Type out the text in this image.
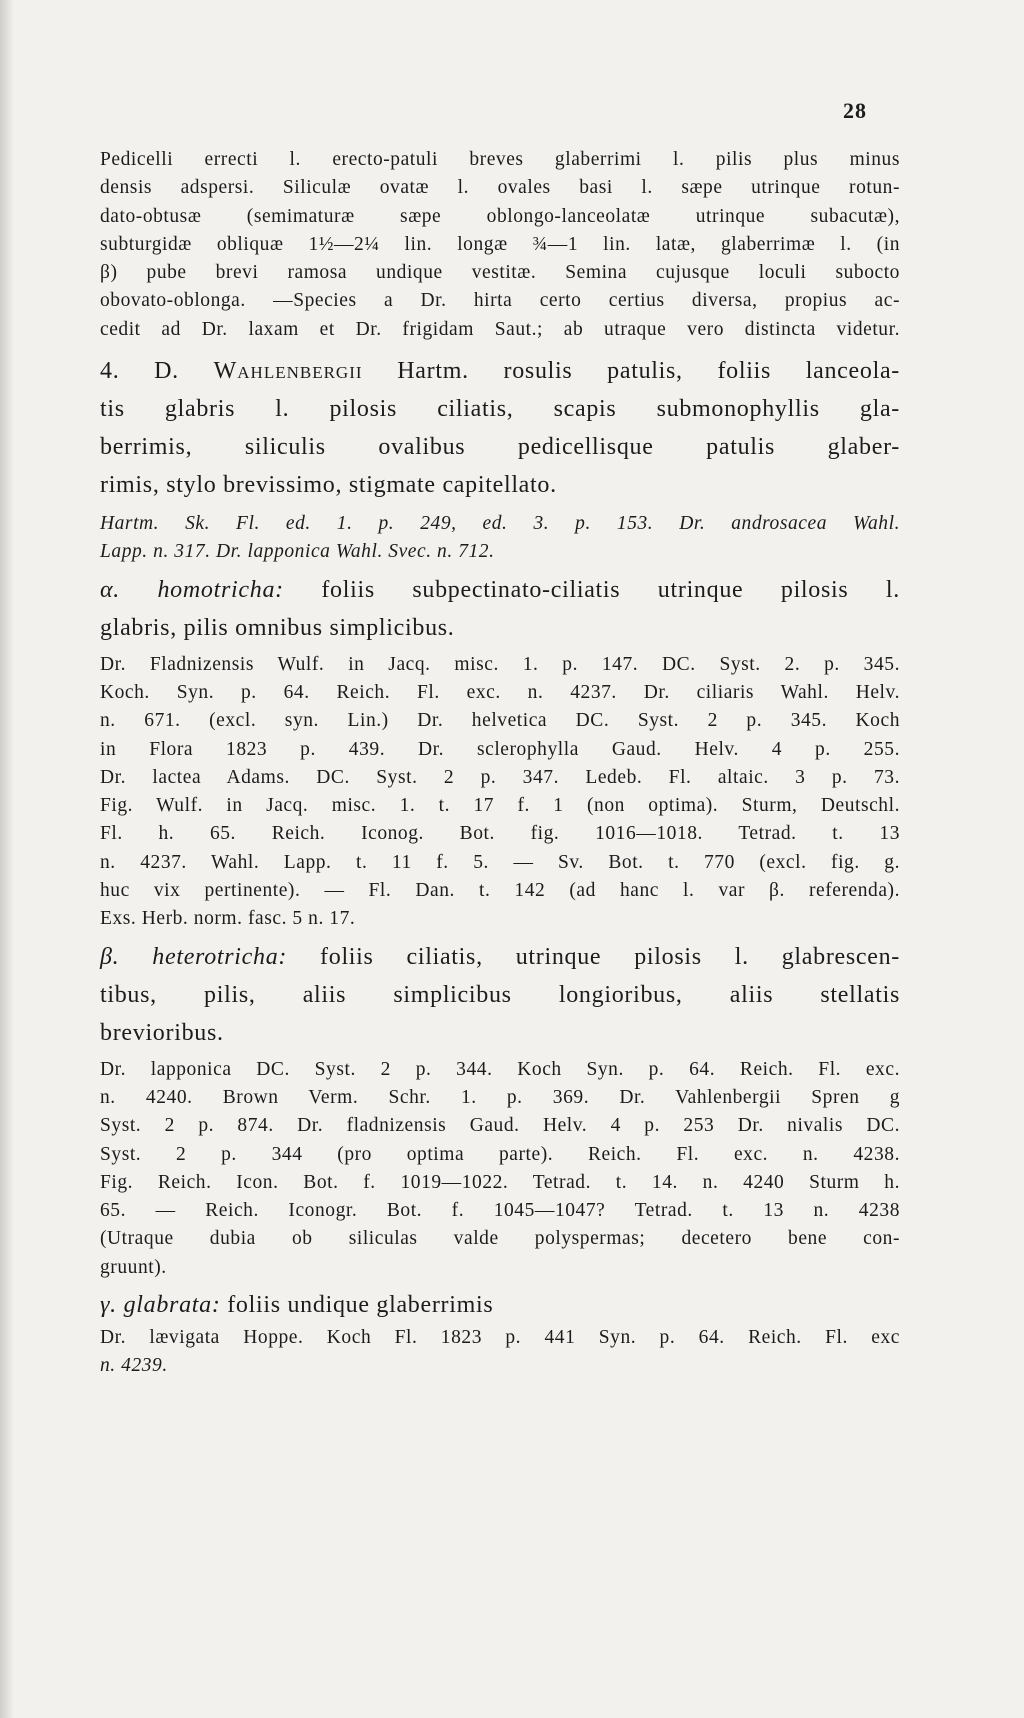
28
Pedicelli errecti l. erecto-patuli breves glaberrimi l. pilis plus minus
densis adspersi. Siliculæ ovatæ l. ovales basi l. sæpe utrinque rotun-
dato-obtusæ (semimaturæ sæpe oblongo-lanceolatæ utrinque subacutæ),
subturgidæ obliquæ 1½—2¼ lin. longæ ¾—1 lin. latæ, glaberrimæ l. (in
β) pube brevi ramosa undique vestitæ. Semina cujusque loculi subocto
obovato-oblonga. —Species a Dr. hirta certo certius diversa, propius ac-
cedit ad Dr. laxam et Dr. frigidam Saut.; ab utraque vero distincta videtur.
4. D. Wahlenbergii Hartm. rosulis patulis, foliis lanceola-
tis glabris l. pilosis ciliatis, scapis submonophyllis gla-
berrimis, siliculis ovalibus pedicellisque patulis glaber-
rimis, stylo brevissimo, stigmate capitellato.
Hartm. Sk. Fl. ed. 1. p. 249, ed. 3. p. 153. Dr. androsacea Wahl.
Lapp. n. 317. Dr. lapponica Wahl. Svec. n. 712.
α. homotricha: foliis subpectinato-ciliatis utrinque pilosis l.
glabris, pilis omnibus simplicibus.
Dr. Fladnizensis Wulf. in Jacq. misc. 1. p. 147. DC. Syst. 2. p. 345.
Koch. Syn. p. 64. Reich. Fl. exc. n. 4237. Dr. ciliaris Wahl. Helv.
n. 671. (excl. syn. Lin.) Dr. helvetica DC. Syst. 2 p. 345. Koch
in Flora 1823 p. 439. Dr. sclerophylla Gaud. Helv. 4 p. 255.
Dr. lactea Adams. DC. Syst. 2 p. 347. Ledeb. Fl. altaic. 3 p. 73.
Fig. Wulf. in Jacq. misc. 1. t. 17 f. 1 (non optima). Sturm, Deutschl.
Fl. h. 65. Reich. Iconog. Bot. fig. 1016—1018. Tetrad. t. 13
n. 4237. Wahl. Lapp. t. 11 f. 5. — Sv. Bot. t. 770 (excl. fig. g.
huc vix pertinente). — Fl. Dan. t. 142 (ad hanc l. var β. referenda).
Exs. Herb. norm. fasc. 5 n. 17.
β. heterotricha: foliis ciliatis, utrinque pilosis l. glabrescen-
tibus, pilis, aliis simplicibus longioribus, aliis stellatis
brevioribus.
Dr. lapponica DC. Syst. 2 p. 344. Koch Syn. p. 64. Reich. Fl. exc.
n. 4240. Brown Verm. Schr. 1. p. 369. Dr. Vahlenbergii Spren g
Syst. 2 p. 874. Dr. fladnizensis Gaud. Helv. 4 p. 253 Dr. nivalis DC.
Syst. 2 p. 344 (pro optima parte). Reich. Fl. exc. n. 4238.
Fig. Reich. Icon. Bot. f. 1019—1022. Tetrad. t. 14. n. 4240 Sturm h.
65. — Reich. Iconogr. Bot. f. 1045—1047? Tetrad. t. 13 n. 4238
(Utraque dubia ob siliculas valde polyspermas; decetero bene con-
gruunt).
γ. glabrata: foliis undique glaberrimis
Dr. lævigata Hoppe. Koch Fl. 1823 p. 441 Syn. p. 64. Reich. Fl. exc
n. 4239.
